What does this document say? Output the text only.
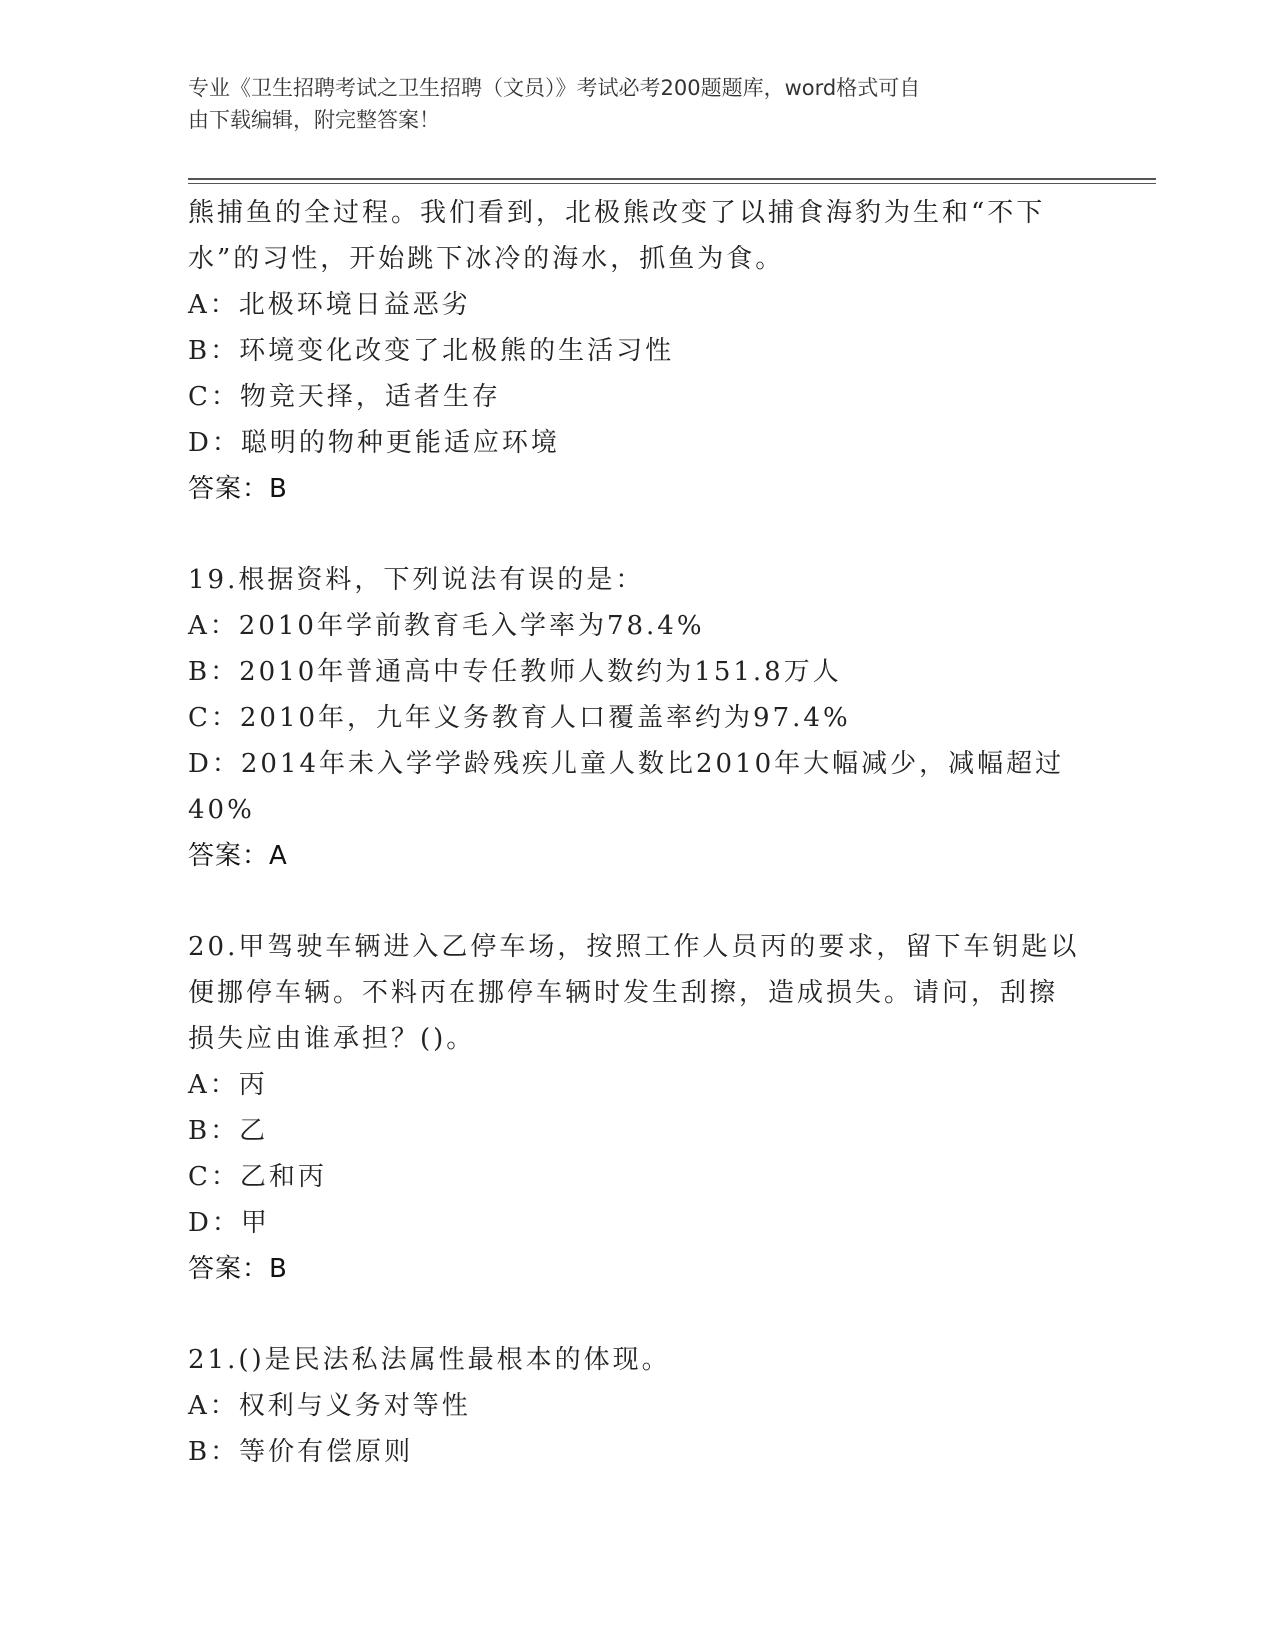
专业《卫生招聘考试之卫生招聘（文员）》考试必考200题题库，word格式可自
由下载编辑，附完整答案！
熊捕鱼的全过程。我们看到，北极熊改变了以捕食海豹为生和“不下
水”的习性，开始跳下冰冷的海水，抓鱼为食。
A：北极环境日益恶劣
B：环境变化改变了北极熊的生活习性
C：物竞天择，适者生存
D：聪明的物种更能适应环境
答案：B
19.根据资料，下列说法有误的是：
A：2010年学前教育毛入学率为78.4%
B：2010年普通高中专任教师人数约为151.8万人
C：2010年，九年义务教育人口覆盖率约为97.4%
D：2014年未入学学龄残疾儿童人数比2010年大幅减少，减幅超过
40%
答案：A
20.甲驾驶车辆进入乙停车场，按照工作人员丙的要求，留下车钥匙以
便挪停车辆。不料丙在挪停车辆时发生刮擦，造成损失。请问，刮擦
损失应由谁承担？()。
A：丙
B：乙
C：乙和丙
D：甲
答案：B
21.()是民法私法属性最根本的体现。
A：权利与义务对等性
B：等价有偿原则
